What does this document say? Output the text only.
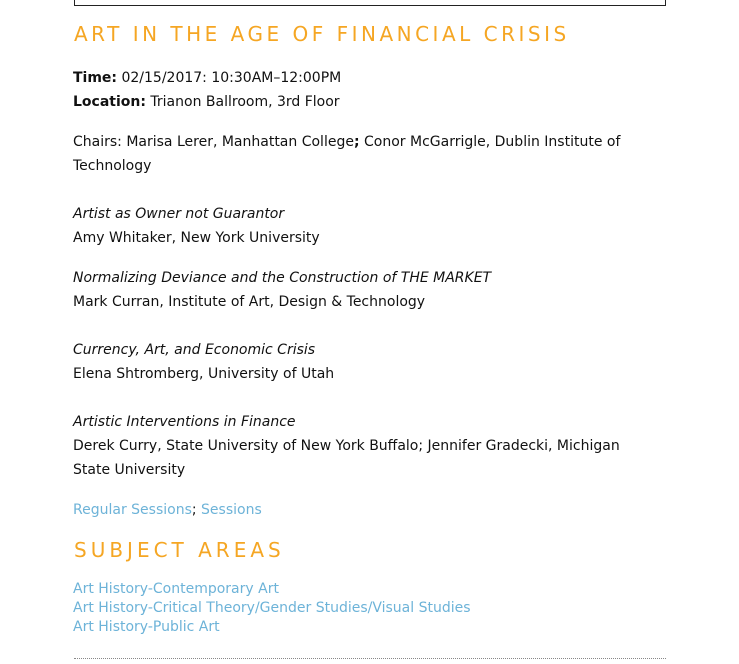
ART IN THE AGE OF FINANCIAL CRISIS
Time: 02/15/2017: 10:30AM–12:00PM
Location: Trianon Ballroom, 3rd Floor
Chairs: Marisa Lerer, Manhattan College; Conor McGarrigle, Dublin Institute of Technology
Artist as Owner not Guarantor
Amy Whitaker, New York University
Normalizing Deviance and the Construction of THE MARKET
Mark Curran, Institute of Art, Design & Technology
Currency, Art, and Economic Crisis
Elena Shtromberg, University of Utah
Artistic Interventions in Finance
Derek Curry, State University of New York Buffalo; Jennifer Gradecki, Michigan State University
Regular Sessions; Sessions
SUBJECT AREAS
Art History-Contemporary Art
Art History-Critical Theory/Gender Studies/Visual Studies
Art History-Public Art
